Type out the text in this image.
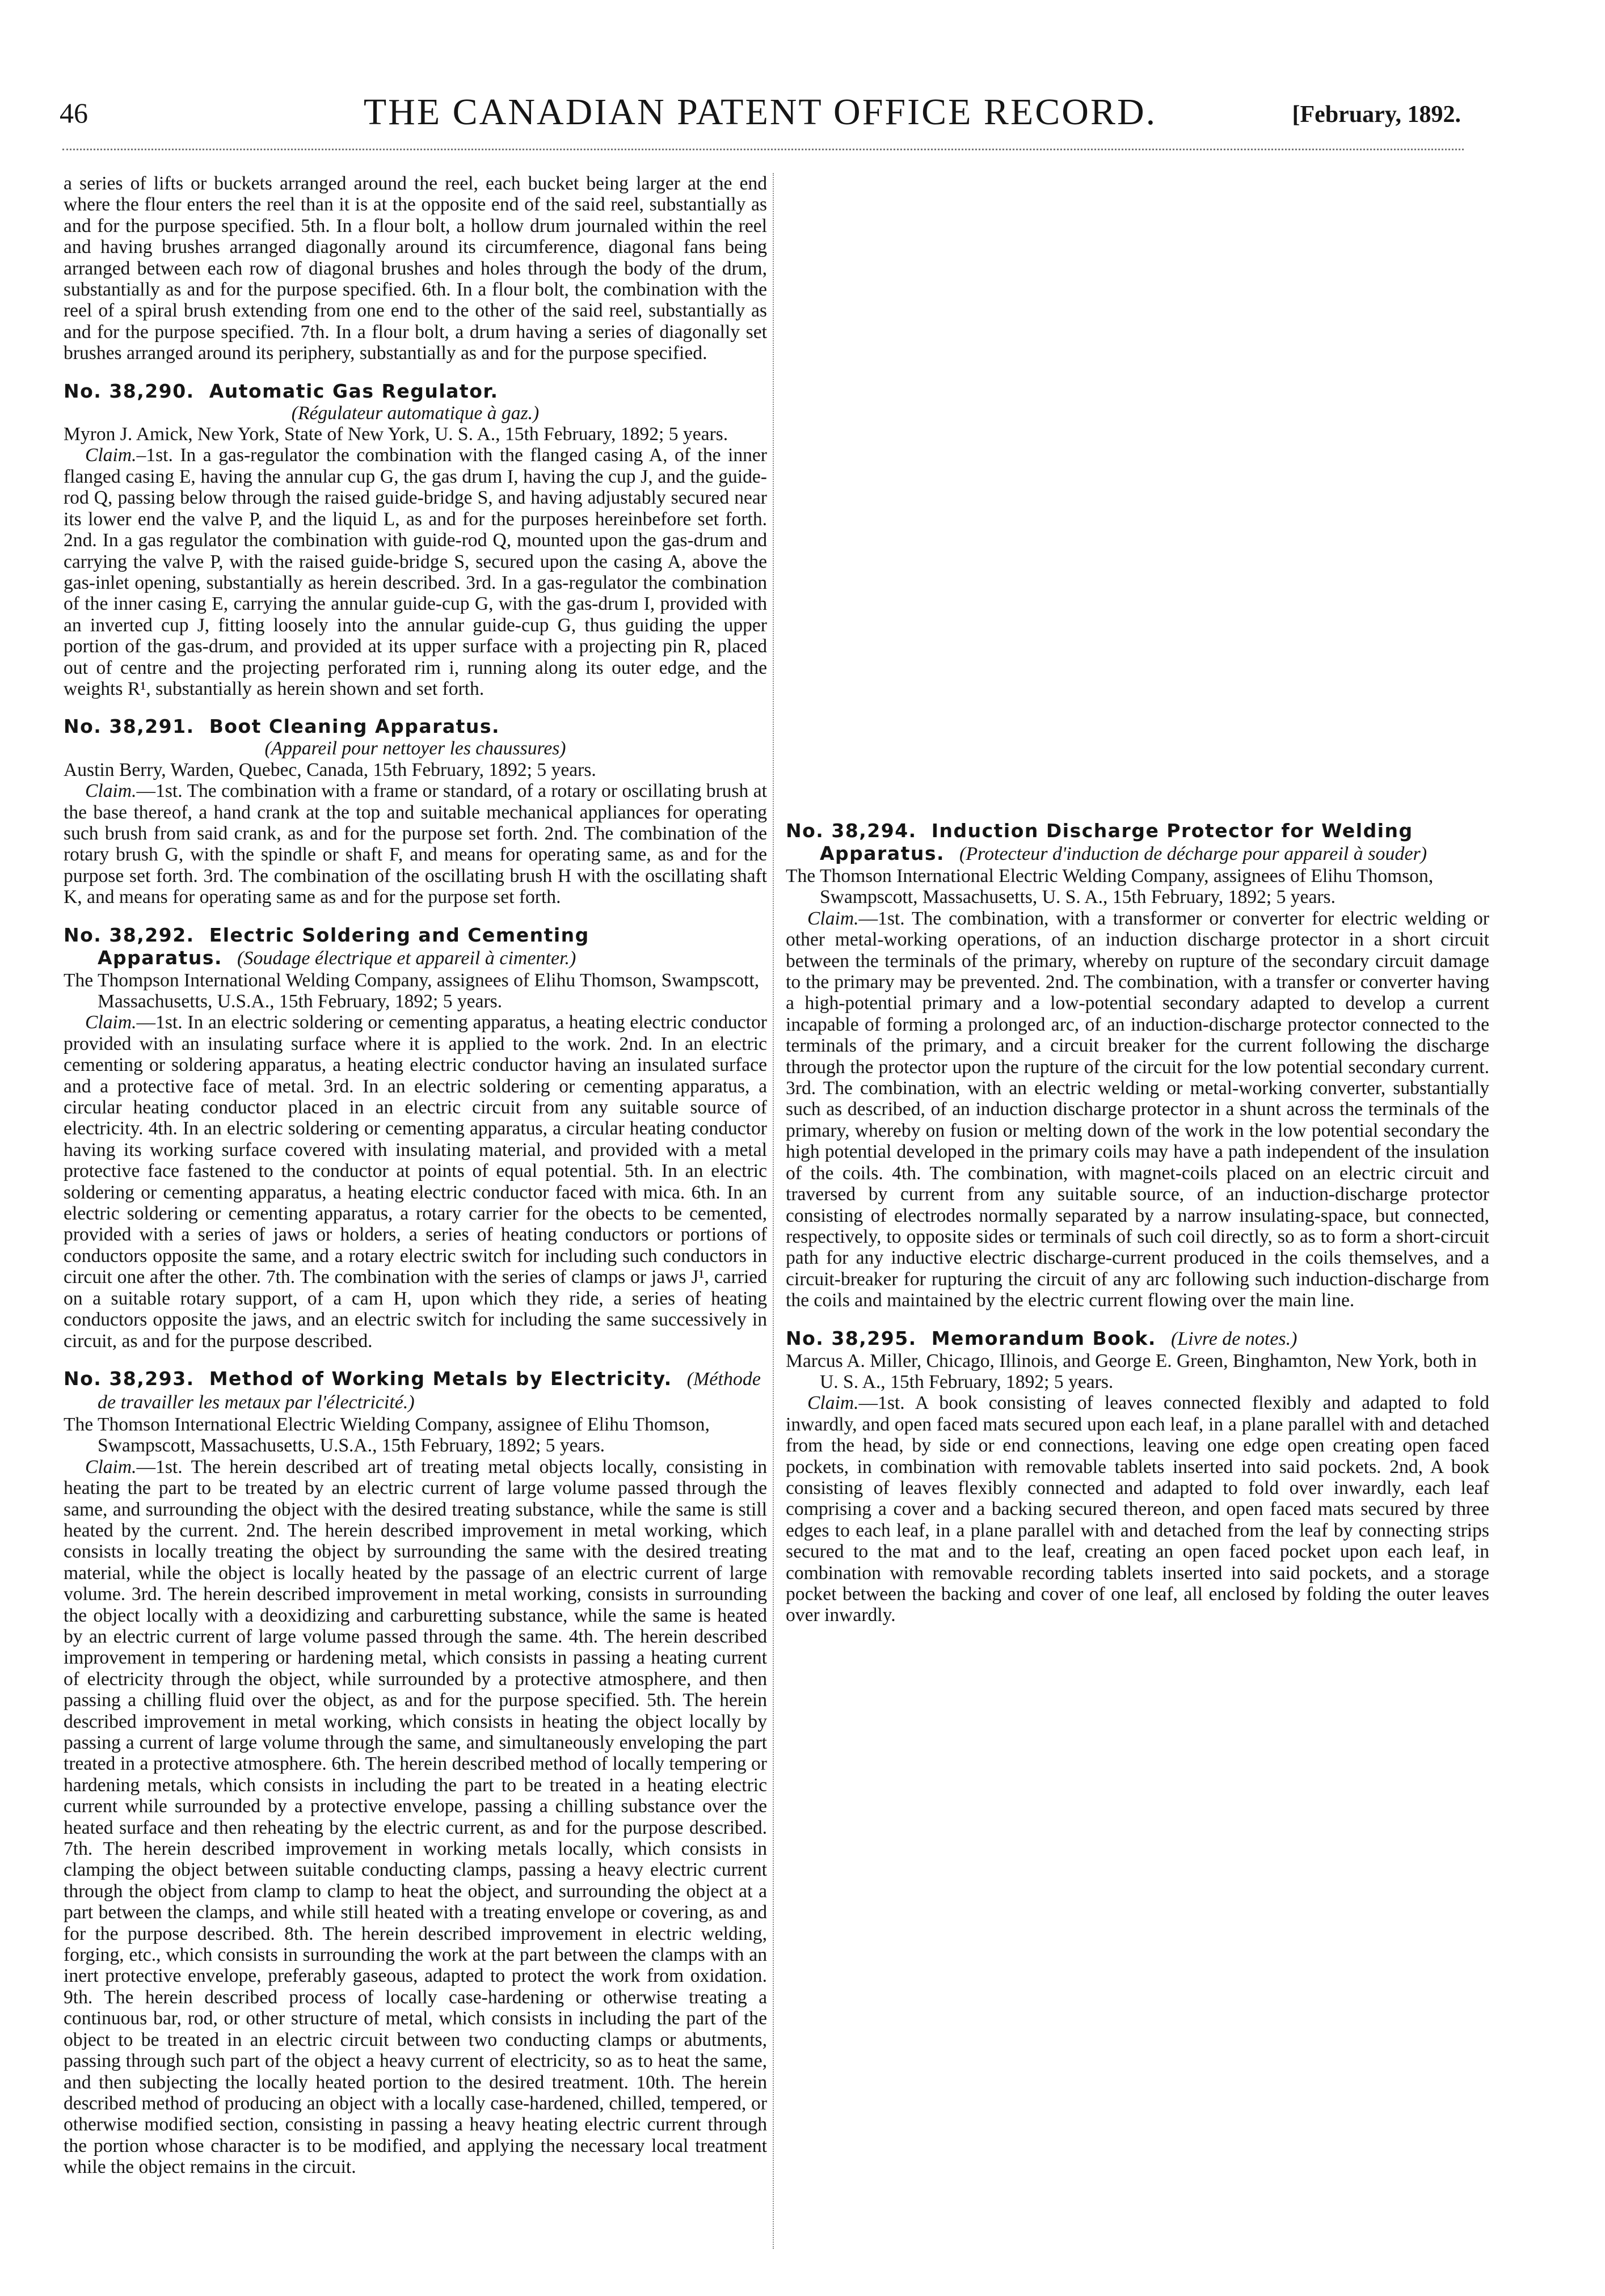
46	THE CANADIAN PATENT OFFICE RECORD.	[February, 1892.

a series of lifts or buckets arranged around the reel, each bucket being larger at the end where the flour enters the reel than it is at the opposite end of the said reel, substantially as and for the purpose specified. 5th. In a flour bolt, a hollow drum journaled within the reel and having brushes arranged diagonally around its circumference, diagonal fans being arranged between each row of diagonal brushes and holes through the body of the drum, substantially as and for the purpose specified. 6th. In a flour bolt, the combination with the reel of a spiral brush extending from one end to the other of the said reel, substantially as and for the purpose specified. 7th. In a flour bolt, a drum having a series of diagonally set brushes arranged around its periphery, substantially as and for the purpose specified.

No. 38,290. Automatic Gas Regulator.

(Régulateur automatique à gaz.)

Myron J. Amick, New York, State of New York, U. S. A., 15th February, 1892; 5 years.

Claim.–1st. In a gas-regulator the combination with the flanged casing A, of the inner flanged casing E, having the annular cup G, the gas drum I, having the cup J, and the guide-rod Q, passing below through the raised guide-bridge S, and having adjustably secured near its lower end the valve P, and the liquid L, as and for the purposes hereinbefore set forth. 2nd. In a gas regulator the combination with guide-rod Q, mounted upon the gas-drum and carrying the valve P, with the raised guide-bridge S, secured upon the casing A, above the gas-inlet opening, substantially as herein described. 3rd. In a gas-regulator the combination of the inner casing E, carrying the annular guide-cup G, with the gas-drum I, provided with an inverted cup J, fitting loosely into the annular guide-cup G, thus guiding the upper portion of the gas-drum, and provided at its upper surface with a projecting pin R, placed out of centre and the projecting perforated rim i, running along its outer edge, and the weights R¹, substantially as herein shown and set forth.

No. 38,291. Boot Cleaning Apparatus.

(Appareil pour nettoyer les chaussures)

Austin Berry, Warden, Quebec, Canada, 15th February, 1892; 5 years.

Claim.—1st. The combination with a frame or standard, of a rotary or oscillating brush at the base thereof, a hand crank at the top and suitable mechanical appliances for operating such brush from said crank, as and for the purpose set forth. 2nd. The combination of the rotary brush G, with the spindle or shaft F, and means for operating same, as and for the purpose set forth. 3rd. The combination of the oscillating brush H with the oscillating shaft K, and means for operating same as and for the purpose set forth.

No. 38,292. Electric Soldering and Cementing Apparatus. (Soudage électrique et appareil à cimenter.)

The Thompson International Welding Company, assignees of Elihu Thomson, Swampscott, Massachusetts, U.S.A., 15th February, 1892; 5 years.

Claim.—1st. In an electric soldering or cementing apparatus, a heating electric conductor provided with an insulating surface where it is applied to the work. 2nd. In an electric cementing or soldering apparatus, a heating electric conductor having an insulated surface and a protective face of metal. 3rd. In an electric soldering or cementing apparatus, a circular heating conductor placed in an electric circuit from any suitable source of electricity. 4th. In an electric soldering or cementing apparatus, a circular heating conductor having its working surface covered with insulating material, and provided with a metal protective face fastened to the conductor at points of equal potential. 5th. In an electric soldering or cementing apparatus, a heating electric conductor faced with mica. 6th. In an electric soldering or cementing apparatus, a rotary carrier for the obects to be cemented, provided with a series of jaws or holders, a series of heating conductors or portions of conductors opposite the same, and a rotary electric switch for including such conductors in circuit one after the other. 7th. The combination with the series of clamps or jaws J¹, carried on a suitable rotary support, of a cam H, upon which they ride, a series of heating conductors opposite the jaws, and an electric switch for including the same successively in circuit, as and for the purpose described.

No. 38,293. Method of Working Metals by Electricity. (Méthode de travailler les metaux par l'électricité.)

The Thomson International Electric Wielding Company, assignee of Elihu Thomson, Swampscott, Massachusetts, U.S.A., 15th February, 1892; 5 years.

Claim.—1st. The herein described art of treating metal objects locally, consisting in heating the part to be treated by an electric current of large volume passed through the same, and surrounding the object with the desired treating substance, while the same is still heated by the current. 2nd. The herein described improvement in metal working, which consists in locally treating the object by surrounding the same with the desired treating material, while the object is locally heated by the passage of an electric current of large volume. 3rd. The herein described improvement in metal working, consists in surrounding the object locally with a deoxidizing and carburetting substance, while the same is heated by an electric current of large volume passed through the same. 4th. The herein described improvement in tempering or hardening metal, which consists in passing a heating current of electricity through the object, while surrounded by a protective atmosphere, and then passing a chilling fluid over the object, as and for the purpose specified. 5th. The herein described improvement in metal working, which consists in heating the object locally by passing a current of large volume through the same, and simultaneously enveloping the part treated in a protective atmosphere. 6th. The herein described method of locally tempering or hardening metals, which consists in including the part to be treated in a heating electric current while surrounded by a protective envelope, passing a chilling substance over the heated surface and then reheating by the electric current, as and for the purpose described. 7th. The herein described improvement in working metals locally, which consists in clamping the object between suitable conducting clamps, passing a heavy electric current through the object from clamp to clamp to heat the object, and surrounding the object at a part between the clamps, and while still heated with a treating envelope or covering, as and for the purpose described. 8th. The herein described improvement in electric welding, forging, etc., which consists in surrounding the work at the part between the clamps with an inert protective envelope, preferably gaseous, adapted to protect the work from oxidation. 9th. The herein described process of locally case-hardening or otherwise treating a continuous bar, rod, or other structure of metal, which consists in including the part of the object to be treated in an electric circuit between two conducting clamps or abutments, passing through such part of the object a heavy current of electricity, so as to heat the same, and then subjecting the locally heated portion to the desired treatment. 10th. The herein described method of producing an object with a locally case-hardened, chilled, tempered, or otherwise modified section, consisting in passing a heavy heating electric current through the portion whose character is to be modified, and applying the necessary local treatment while the object remains in the circuit.

No. 38,294. Induction Discharge Protector for Welding Apparatus. (Protecteur d'induction de décharge pour appareil à souder)

The Thomson International Electric Welding Company, assignees of Elihu Thomson, Swampscott, Massachusetts, U. S. A., 15th February, 1892; 5 years.

Claim.—1st. The combination, with a transformer or converter for electric welding or other metal-working operations, of an induction discharge protector in a short circuit between the terminals of the primary, whereby on rupture of the secondary circuit damage to the primary may be prevented. 2nd. The combination, with a transfer or converter having a high-potential primary and a low-potential secondary adapted to develop a current incapable of forming a prolonged arc, of an induction-discharge protector connected to the terminals of the primary, and a circuit breaker for the current following the discharge through the protector upon the rupture of the circuit for the low potential secondary current. 3rd. The combination, with an electric welding or metal-working converter, substantially such as described, of an induction discharge protector in a shunt across the terminals of the primary, whereby on fusion or melting down of the work in the low potential secondary the high potential developed in the primary coils may have a path independent of the insulation of the coils. 4th. The combination, with magnet-coils placed on an electric circuit and traversed by current from any suitable source, of an induction-discharge protector consisting of electrodes normally separated by a narrow insulating-space, but connected, respectively, to opposite sides or terminals of such coil directly, so as to form a short-circuit path for any inductive electric discharge-current produced in the coils themselves, and a circuit-breaker for rupturing the circuit of any arc following such induction-discharge from the coils and maintained by the electric current flowing over the main line.

No. 38,295. Memorandum Book. (Livre de notes.)

Marcus A. Miller, Chicago, Illinois, and George E. Green, Binghamton, New York, both in U. S. A., 15th February, 1892; 5 years.

Claim.—1st. A book consisting of leaves connected flexibly and adapted to fold inwardly, and open faced mats secured upon each leaf, in a plane parallel with and detached from the head, by side or end connections, leaving one edge open creating open faced pockets, in combination with removable tablets inserted into said pockets. 2nd, A book consisting of leaves flexibly connected and adapted to fold over inwardly, each leaf comprising a cover and a backing secured thereon, and open faced mats secured by three edges to each leaf, in a plane parallel with and detached from the leaf by connecting strips secured to the mat and to the leaf, creating an open faced pocket upon each leaf, in combination with removable recording tablets inserted into said pockets, and a storage pocket between the backing and cover of one leaf, all enclosed by folding the outer leaves over inwardly.
